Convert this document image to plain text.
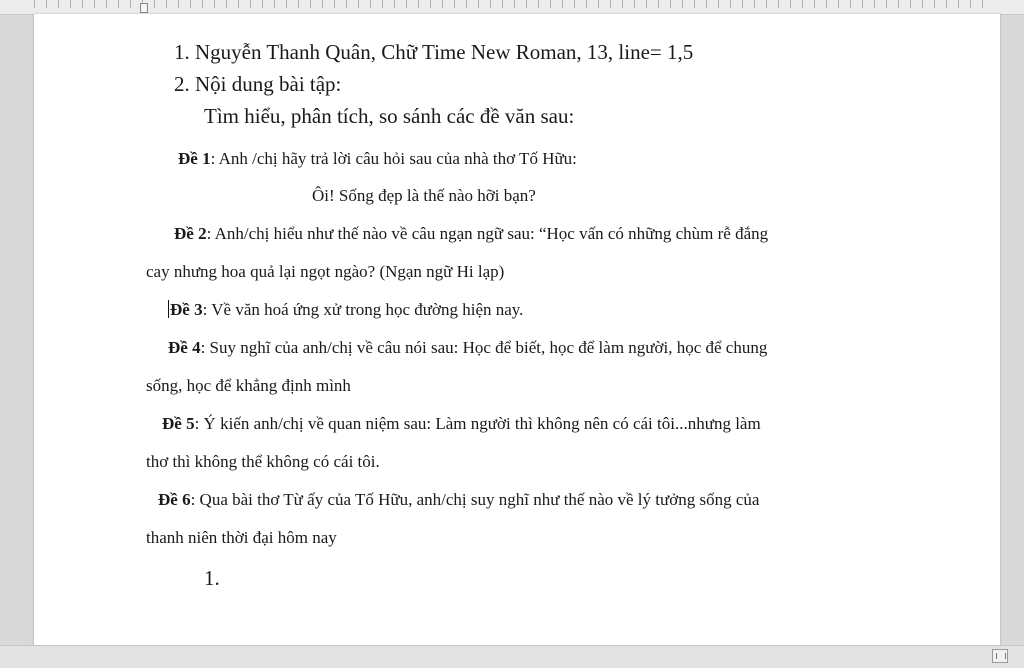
1. Nguyễn Thanh Quân, Chữ Time New Roman, 13, line= 1,5
2. Nội dung bài tập:
Tìm hiểu, phân tích, so sánh các đề văn sau:
Đề 1: Anh /chị hãy trả lời câu hỏi sau của nhà thơ Tố Hữu:
Ôi! Sống đẹp là thế nào hỡi bạn?
Đề 2: Anh/chị hiểu như thế nào về câu ngạn ngữ sau: “Học vấn có những chùm rễ đắng
cay nhưng hoa quả lại ngọt ngào? (Ngạn ngữ Hi lạp)
Đề 3: Về văn hoá ứng xử trong học đường hiện nay.
Đề 4: Suy nghĩ của anh/chị về câu nói sau: Học để biết, học để làm người, học để chung
sống, học để khẳng định mình
Đề 5: Ý kiến anh/chị về quan niệm sau: Làm người thì không nên có cái tôi...nhưng làm
thơ thì không thể không có cái tôi.
Đề 6: Qua bài thơ Từ ấy của Tố Hữu, anh/chị suy nghĩ như thế nào về lý tưởng sống của
thanh niên thời đại hôm nay
1.
